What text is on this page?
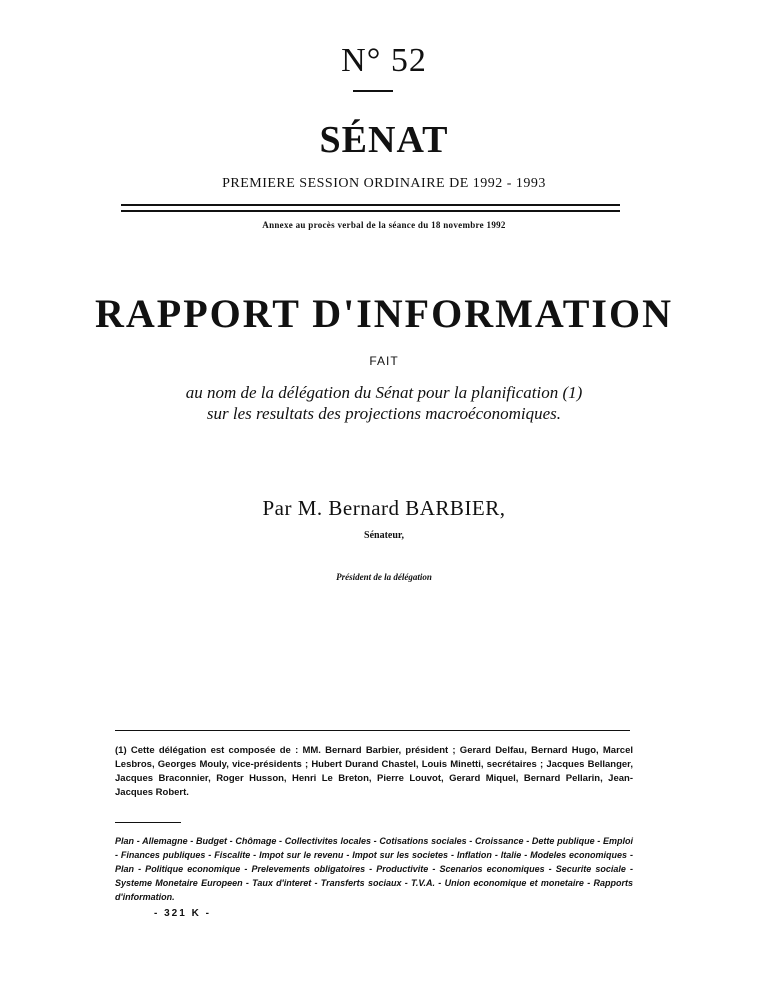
N° 52
SÉNAT
PREMIERE SESSION ORDINAIRE DE 1992 - 1993
Annexe au procès verbal de la séance du 18 novembre 1992
RAPPORT D'INFORMATION
FAIT
au nom de la délégation du Sénat pour la planification (1)
sur les resultats des projections macroéconomiques.
Par M. Bernard BARBIER,
Sénateur,
Président de la délégation
(1) Cette délégation est composée de : MM. Bernard Barbier, président ; Gerard Delfau, Bernard Hugo, Marcel Lesbros, Georges Mouly, vice-présidents ; Hubert Durand Chastel, Louis Minetti, secrétaires ; Jacques Bellanger, Jacques Braconnier, Roger Husson, Henri Le Breton, Pierre Louvot, Gerard Miquel, Bernard Pellarin, Jean-Jacques Robert.
Plan - Allemagne - Budget - Chômage - Collectivites locales - Cotisations sociales - Croissance - Dette publique - Emploi - Finances publiques - Fiscalite - Impot sur le revenu - Impot sur les societes - Inflation - Italie - Modeles economiques - Plan - Politique economique - Prelevements obligatoires - Productivite - Scenarios economiques - Securite sociale - Systeme Monetaire Europeen - Taux d'interet - Transferts sociaux - T.V.A. - Union economique et monetaire - Rapports d'information.
- 321 K -
